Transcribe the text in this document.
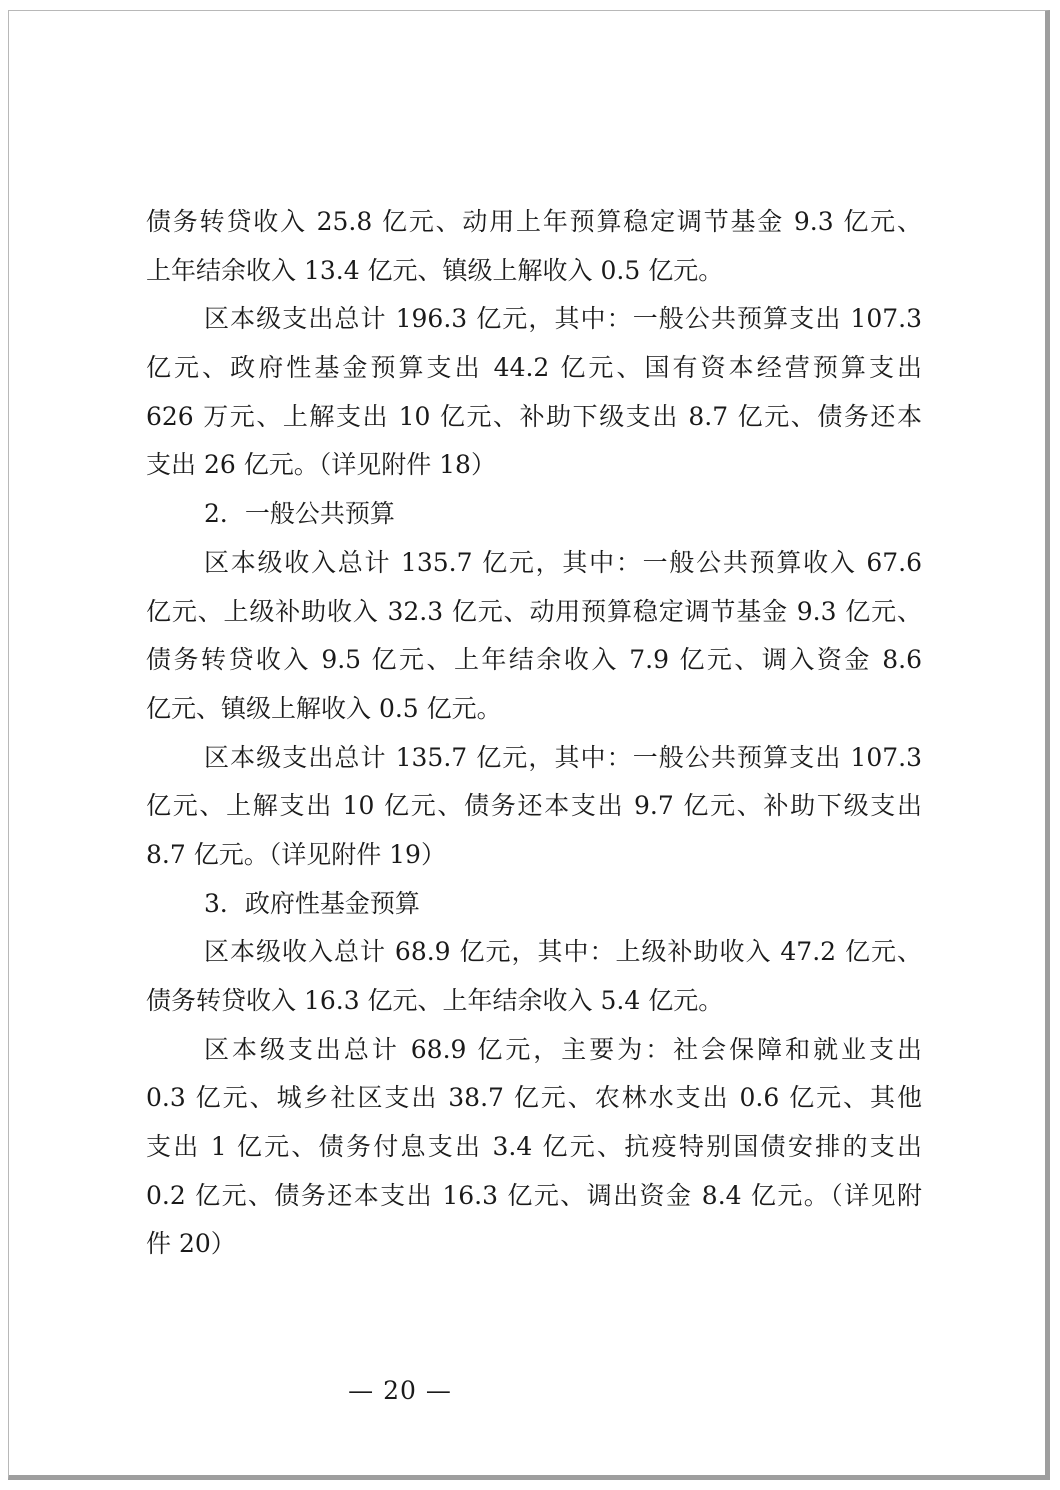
债务转贷收入 25.8 亿元、动用上年预算稳定调节基金 9.3 亿元、
上年结余收入 13.4 亿元、镇级上解收入 0.5 亿元。
区本级支出总计 196.3 亿元，其中：一般公共预算支出 107.3
亿元、政府性基金预算支出 44.2 亿元、国有资本经营预算支出
626 万元、上解支出 10 亿元、补助下级支出 8.7 亿元、债务还本
支出 26 亿元。（详见附件 18）
2．一般公共预算
区本级收入总计 135.7 亿元，其中：一般公共预算收入 67.6
亿元、上级补助收入 32.3 亿元、动用预算稳定调节基金 9.3 亿元、
债务转贷收入 9.5 亿元、上年结余收入 7.9 亿元、调入资金 8.6
亿元、镇级上解收入 0.5 亿元。
区本级支出总计 135.7 亿元，其中：一般公共预算支出 107.3
亿元、上解支出 10 亿元、债务还本支出 9.7 亿元、补助下级支出
8.7 亿元。（详见附件 19）
3．政府性基金预算
区本级收入总计 68.9 亿元，其中：上级补助收入 47.2 亿元、
债务转贷收入 16.3 亿元、上年结余收入 5.4 亿元。
区本级支出总计 68.9 亿元，主要为：社会保障和就业支出
0.3 亿元、城乡社区支出 38.7 亿元、农林水支出 0.6 亿元、其他
支出 1 亿元、债务付息支出 3.4 亿元、抗疫特别国债安排的支出
0.2 亿元、债务还本支出 16.3 亿元、调出资金 8.4 亿元。（详见附
件 20）
— 20 —
